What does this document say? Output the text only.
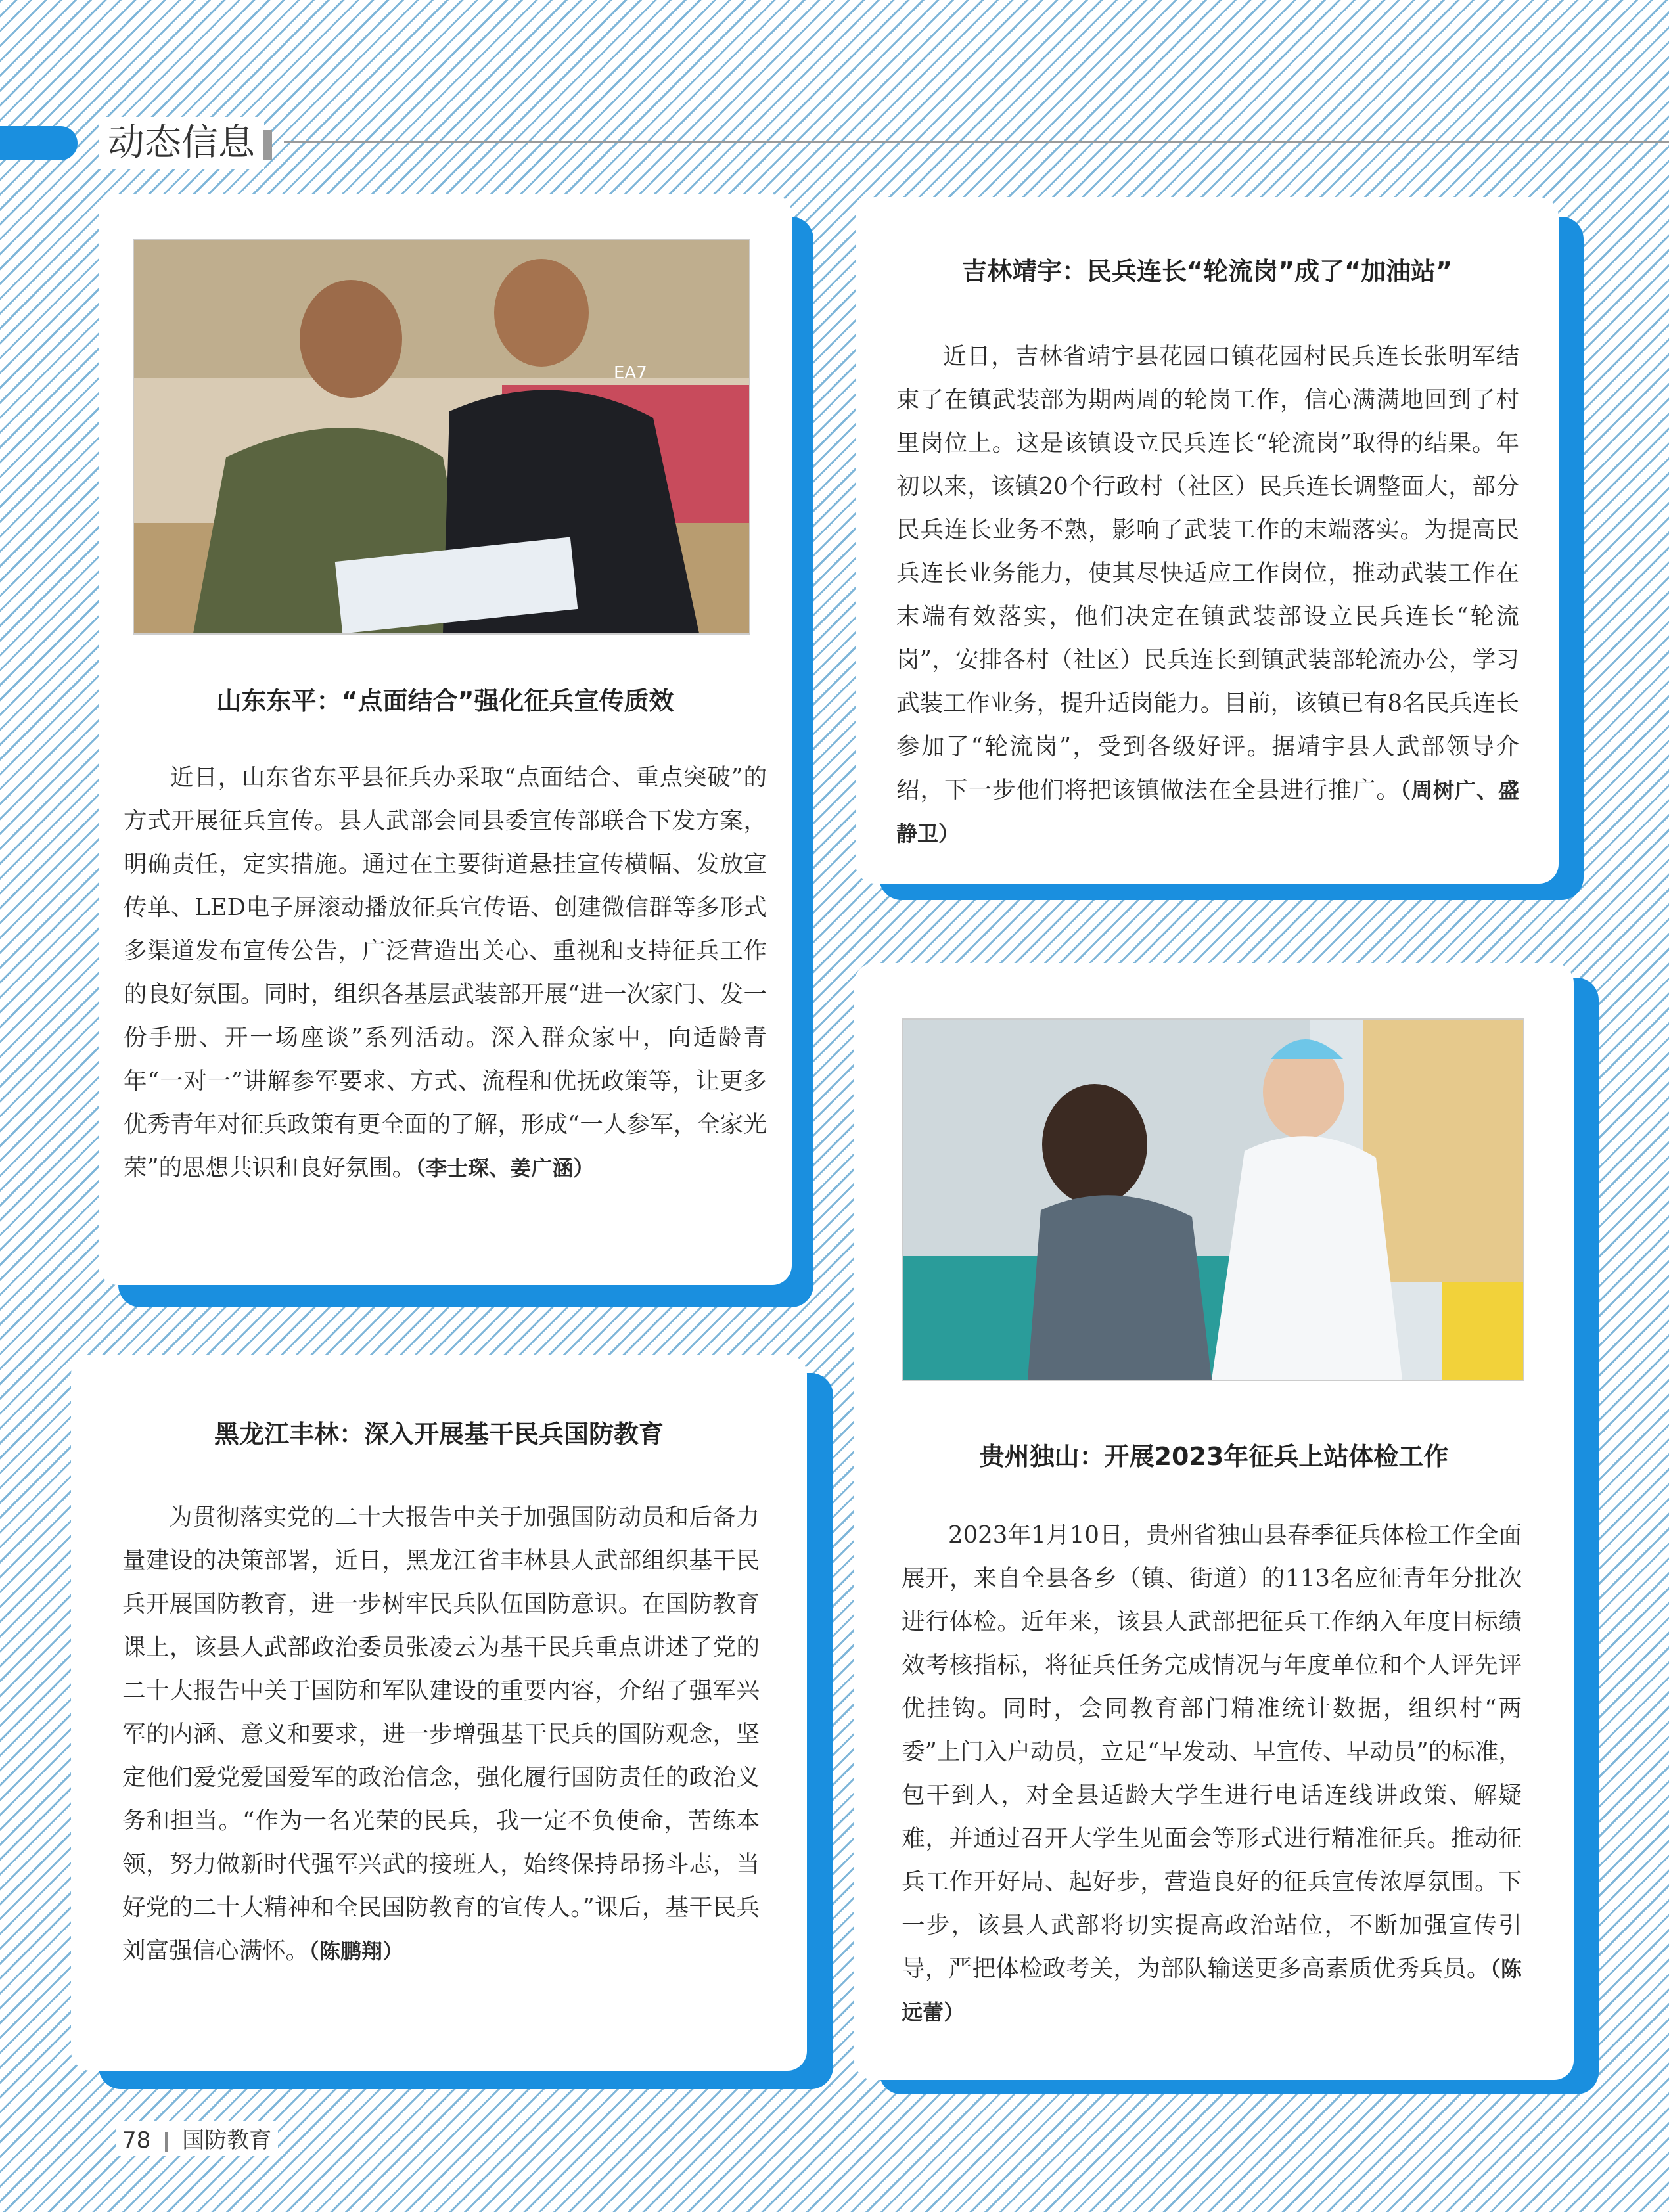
动态信息
EA7
山东东平：“点面结合”强化征兵宣传质效

近日，山东省东平县征兵办采取“点面结合、重点突破”的方式开展征兵宣传。县人武部会同县委宣传部联合下发方案，明确责任，定实措施。通过在主要街道悬挂宣传横幅、发放宣传单、LED电子屏滚动播放征兵宣传语、创建微信群等多形式多渠道发布宣传公告，广泛营造出关心、重视和支持征兵工作的良好氛围。同时，组织各基层武装部开展“进一次家门、发一份手册、开一场座谈”系列活动。深入群众家中，向适龄青年“一对一”讲解参军要求、方式、流程和优抚政策等，让更多优秀青年对征兵政策有更全面的了解，形成“一人参军，全家光荣”的思想共识和良好氛围。（李士琛、姜广涵）

吉林靖宇：民兵连长“轮流岗”成了“加油站”

近日，吉林省靖宇县花园口镇花园村民兵连长张明军结束了在镇武装部为期两周的轮岗工作，信心满满地回到了村里岗位上。这是该镇设立民兵连长“轮流岗”取得的结果。年初以来，该镇20个行政村（社区）民兵连长调整面大，部分民兵连长业务不熟，影响了武装工作的末端落实。为提高民兵连长业务能力，使其尽快适应工作岗位，推动武装工作在末端有效落实，他们决定在镇武装部设立民兵连长“轮流岗”，安排各村（社区）民兵连长到镇武装部轮流办公，学习武装工作业务，提升适岗能力。目前，该镇已有8名民兵连长参加了“轮流岗”，受到各级好评。据靖宇县人武部领导介绍，下一步他们将把该镇做法在全县进行推广。（周树广、盛静卫）

黑龙江丰林：深入开展基干民兵国防教育

为贯彻落实党的二十大报告中关于加强国防动员和后备力量建设的决策部署，近日，黑龙江省丰林县人武部组织基干民兵开展国防教育，进一步树牢民兵队伍国防意识。在国防教育课上，该县人武部政治委员张凌云为基干民兵重点讲述了党的二十大报告中关于国防和军队建设的重要内容，介绍了强军兴军的内涵、意义和要求，进一步增强基干民兵的国防观念，坚定他们爱党爱国爱军的政治信念，强化履行国防责任的政治义务和担当。“作为一名光荣的民兵，我一定不负使命，苦练本领，努力做新时代强军兴武的接班人，始终保持昂扬斗志，当好党的二十大精神和全民国防教育的宣传人。”课后，基干民兵刘富强信心满怀。（陈鹏翔）

贵州独山：开展2023年征兵上站体检工作

2023年1月10日，贵州省独山县春季征兵体检工作全面展开，来自全县各乡（镇、街道）的113名应征青年分批次进行体检。近年来，该县人武部把征兵工作纳入年度目标绩效考核指标，将征兵任务完成情况与年度单位和个人评先评优挂钩。同时，会同教育部门精准统计数据，组织村“两委”上门入户动员，立足“早发动、早宣传、早动员”的标准，包干到人，对全县适龄大学生进行电话连线讲政策、解疑难，并通过召开大学生见面会等形式进行精准征兵。推动征兵工作开好局、起好步，营造良好的征兵宣传浓厚氛围。下一步，该县人武部将切实提高政治站位，不断加强宣传引导，严把体检政考关，为部队输送更多高素质优秀兵员。（陈远蕾）

78 国防教育
